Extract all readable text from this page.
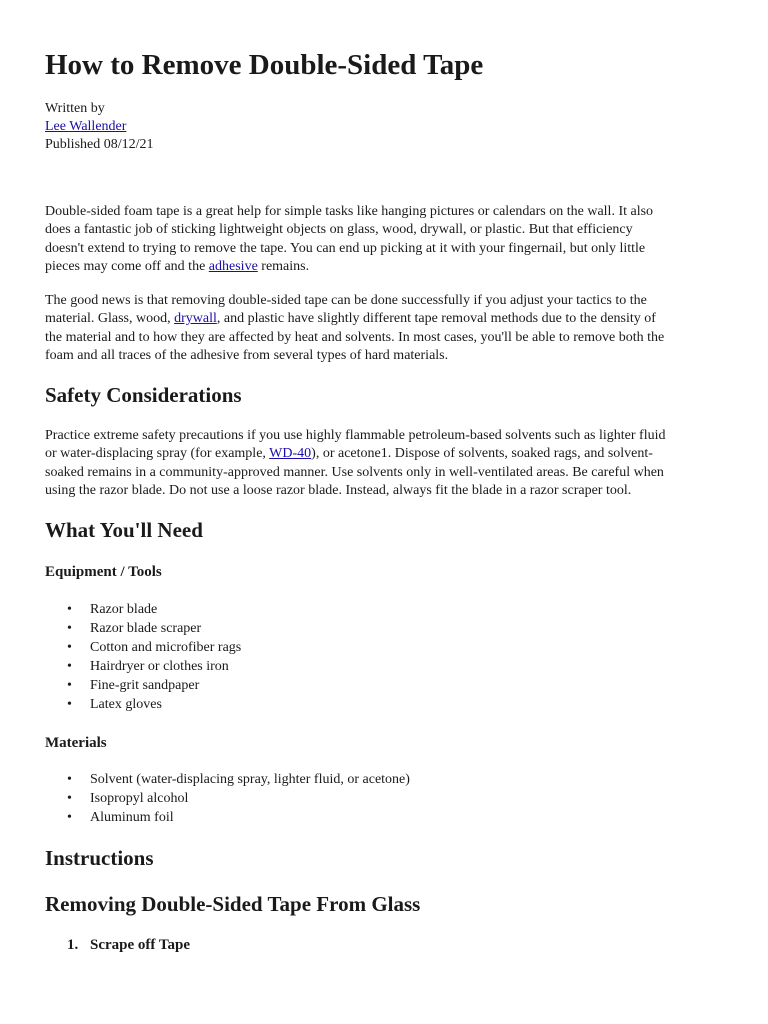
How to Remove Double-Sided Tape
Written by
Lee Wallender
Published 08/12/21
Double-sided foam tape is a great help for simple tasks like hanging pictures or calendars on the wall. It also
does a fantastic job of sticking lightweight objects on glass, wood, drywall, or plastic. But that efficiency
doesn't extend to trying to remove the tape. You can end up picking at it with your fingernail, but only little
pieces may come off and the adhesive remains.
The good news is that removing double-sided tape can be done successfully if you adjust your tactics to the
material. Glass, wood, drywall, and plastic have slightly different tape removal methods due to the density of
the material and to how they are affected by heat and solvents. In most cases, you'll be able to remove both the
foam and all traces of the adhesive from several types of hard materials.
Safety Considerations
Practice extreme safety precautions if you use highly flammable petroleum-based solvents such as lighter fluid
or water-displacing spray (for example, WD-40), or acetone1. Dispose of solvents, soaked rags, and solvent-
soaked remains in a community-approved manner. Use solvents only in well-ventilated areas. Be careful when
using the razor blade. Do not use a loose razor blade. Instead, always fit the blade in a razor scraper tool.
What You'll Need
Equipment / Tools
• Razor blade
• Razor blade scraper
• Cotton and microfiber rags
• Hairdryer or clothes iron
• Fine-grit sandpaper
• Latex gloves
Materials
• Solvent (water-displacing spray, lighter fluid, or acetone)
• Isopropyl alcohol
• Aluminum foil
Instructions
Removing Double-Sided Tape From Glass
1. Scrape off Tape
